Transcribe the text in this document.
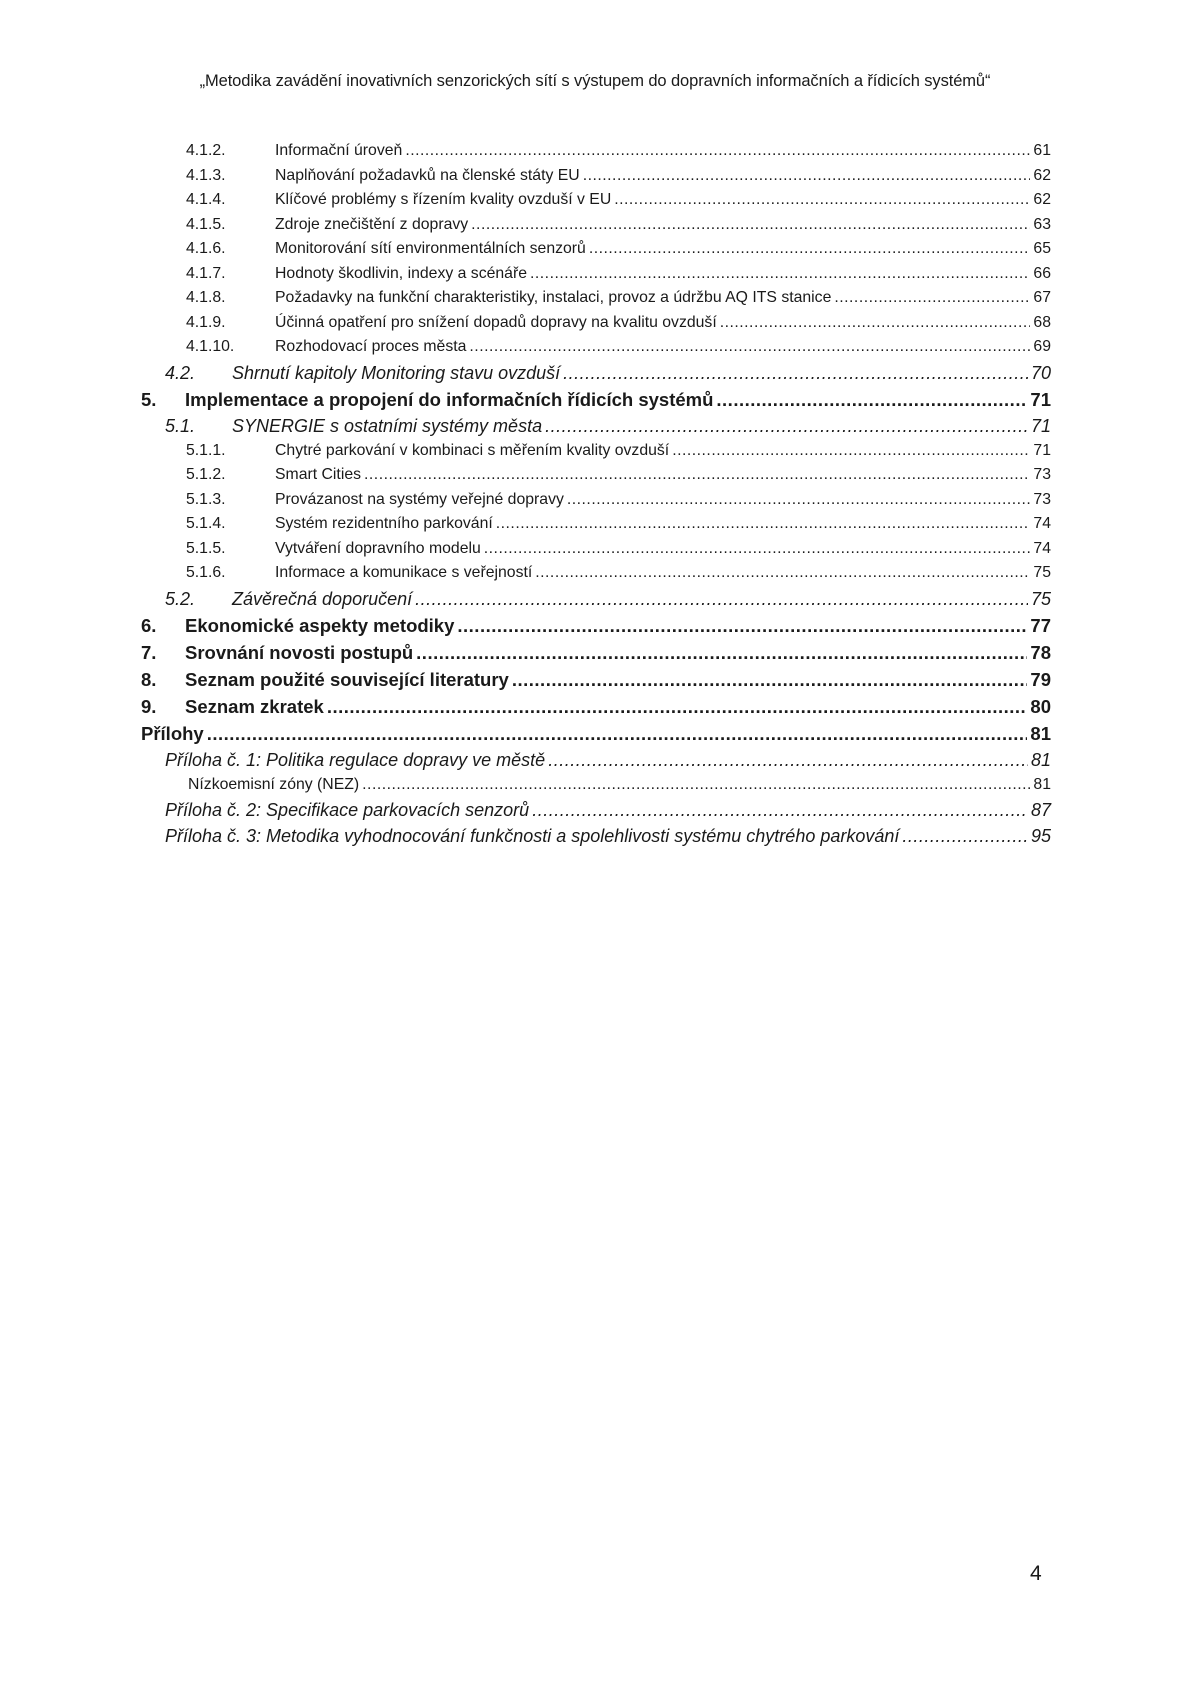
„Metodika zavádění inovativních senzorických sítí s výstupem do dopravních informačních a řídicích systémů“
4.1.2.	Informační úroveň .....	61
4.1.3.	Naplňování požadavků na členské státy EU .....	62
4.1.4.	Klíčové problémy s řízením kvality ovzduší v EU .....	62
4.1.5.	Zdroje znečištění z dopravy .....	63
4.1.6.	Monitorování sítí environmentálních senzorů .....	65
4.1.7.	Hodnoty škodlivin, indexy a scénáře .....	66
4.1.8.	Požadavky na funkční charakteristiky, instalaci, provoz a údržbu AQ ITS stanice .....	67
4.1.9.	Účinná opatření pro snížení dopadů dopravy na kvalitu ovzduší .....	68
4.1.10.	Rozhodovací proces města .....	69
4.2.	Shrnutí kapitoly Monitoring stavu ovzduší .....	70
5.	Implementace a propojení do informačních řídicích systémů .....	71
5.1.	SYNERGIE s ostatními systémy města .....	71
5.1.1.	Chytré parkování v kombinaci s měřením kvality ovzduší .....	71
5.1.2.	Smart Cities .....	73
5.1.3.	Provázanost na systémy veřejné dopravy .....	73
5.1.4.	Systém rezidentního parkování .....	74
5.1.5.	Vytváření dopravního modelu .....	74
5.1.6.	Informace a komunikace s veřejností .....	75
5.2.	Závěrečná doporučení .....	75
6.	Ekonomické aspekty metodiky .....	77
7.	Srovnání novosti postupů .....	78
8.	Seznam použité související literatury .....	79
9.	Seznam zkratek .....	80
Přílohy .....	81
Příloha č. 1: Politika regulace dopravy ve městě .....	81
Nízkoemisní zóny (NEZ) .....	81
Příloha č. 2: Specifikace parkovacích senzorů .....	87
Příloha č. 3: Metodika vyhodnocování funkčnosti a spolehlivosti systému chytrého parkování .....	95
4
